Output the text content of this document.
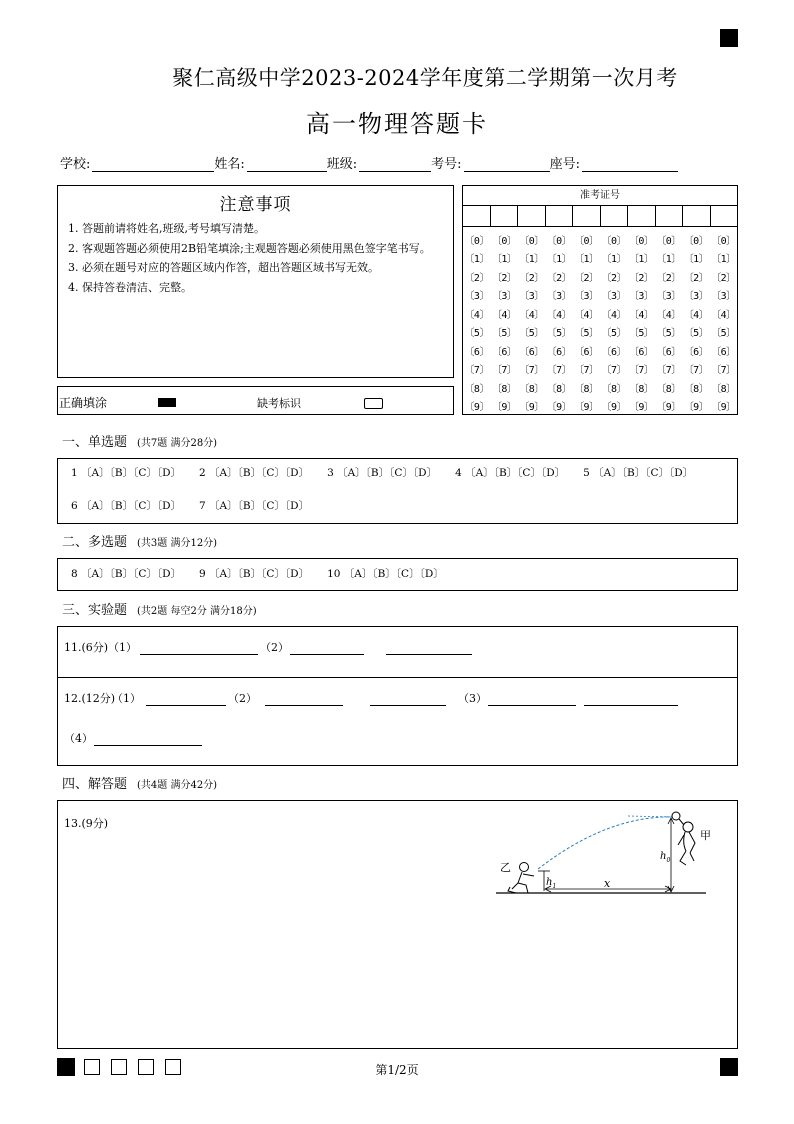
聚仁高级中学2023-2024学年度第二学期第一次月考
高一物理答题卡
学校:	姓名:	班级:	考号:	座号:
注意事项
1. 答题前请将姓名,班级,考号填写清楚。
2. 客观题答题必须使用2B铅笔填涂;主观题答题必须使用黑色签字笔书写。
3. 必须在题号对应的答题区域内作答，超出答题区域书写无效。
4. 保持答卷清洁、完整。
正确填涂	缺考标识
准考证号
〔0〕 〔0〕 〔0〕 〔0〕 〔0〕 〔0〕 〔0〕 〔0〕 〔0〕 〔0〕
〔1〕 〔1〕 〔1〕 〔1〕 〔1〕 〔1〕 〔1〕 〔1〕 〔1〕 〔1〕
〔2〕 〔2〕 〔2〕 〔2〕 〔2〕 〔2〕 〔2〕 〔2〕 〔2〕 〔2〕
〔3〕 〔3〕 〔3〕 〔3〕 〔3〕 〔3〕 〔3〕 〔3〕 〔3〕 〔3〕
〔4〕 〔4〕 〔4〕 〔4〕 〔4〕 〔4〕 〔4〕 〔4〕 〔4〕 〔4〕
〔5〕 〔5〕 〔5〕 〔5〕 〔5〕 〔5〕 〔5〕 〔5〕 〔5〕 〔5〕
〔6〕 〔6〕 〔6〕 〔6〕 〔6〕 〔6〕 〔6〕 〔6〕 〔6〕 〔6〕
〔7〕 〔7〕 〔7〕 〔7〕 〔7〕 〔7〕 〔7〕 〔7〕 〔7〕 〔7〕
〔8〕 〔8〕 〔8〕 〔8〕 〔8〕 〔8〕 〔8〕 〔8〕 〔8〕 〔8〕
〔9〕 〔9〕 〔9〕 〔9〕 〔9〕 〔9〕 〔9〕 〔9〕 〔9〕 〔9〕
一、单选题 (共7题 满分28分)
1 〔A〕〔B〕〔C〕〔D〕 2 〔A〕〔B〕〔C〕〔D〕 3 〔A〕〔B〕〔C〕〔D〕 4 〔A〕〔B〕〔C〕〔D〕 5 〔A〕〔B〕〔C〕〔D〕
6 〔A〕〔B〕〔C〕〔D〕 7 〔A〕〔B〕〔C〕〔D〕
二、多选题 (共3题 满分12分)
8 〔A〕〔B〕〔C〕〔D〕 9 〔A〕〔B〕〔C〕〔D〕 10 〔A〕〔B〕〔C〕〔D〕
三、实验题 (共2题 每空2分 满分18分)
11.(6分) （1）	（2）
12.(12分)
（1）	（2）	（3）
（4）
四、解答题 (共4题 满分42分)
13.(9分)
甲
乙
$h_0$
$h_1$	x
第1/2页
